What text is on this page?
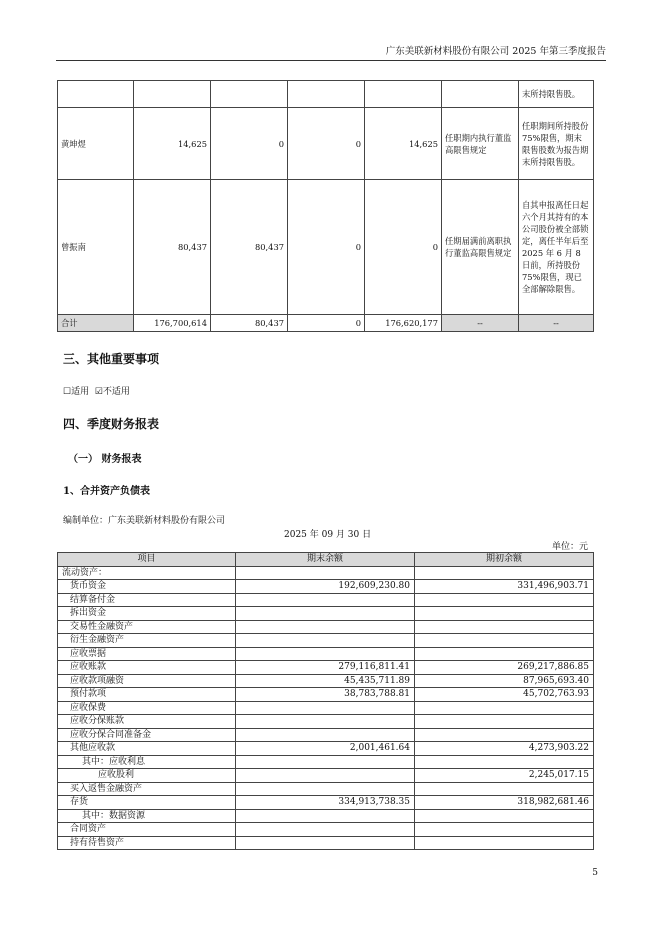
广东美联新材料股份有限公司 2025 年第三季度报告
						末所持限售股。
黄坤煜	14,625	0	0	14,625	任职期内执行董监高限售规定	任职期间所持股份 75%限售，期末限售股数为报告期末所持限售股。
曾振南	80,437	80,437	0	0	任期届满前离职执行董监高限售规定	自其申报离任日起六个月其持有的本公司股份被全部锁定，离任半年后至 2025 年 6 月 8 日前，所持股份 75%限售，现已全部解除限售。
合计	176,700,614	80,437	0	176,620,177	--	--
三、其他重要事项
☐适用 ☑不适用
四、季度财务报表
（一） 财务报表
1、合并资产负债表
编制单位：广东美联新材料股份有限公司
2025 年 09 月 30 日
单位：元
项目	期末余额	期初余额
流动资产：		
货币资金	192,609,230.80	331,496,903.71
结算备付金		
拆出资金		
交易性金融资产		
衍生金融资产		
应收票据		
应收账款	279,116,811.41	269,217,886.85
应收款项融资	45,435,711.89	87,965,693.40
预付款项	38,783,788.81	45,702,763.93
应收保费		
应收分保账款		
应收分保合同准备金		
其他应收款	2,001,461.64	4,273,903.22
其中：应收利息		
应收股利		2,245,017.15
买入返售金融资产		
存货	334,913,738.35	318,982,681.46
其中：数据资源		
合同资产		
持有待售资产		
5
